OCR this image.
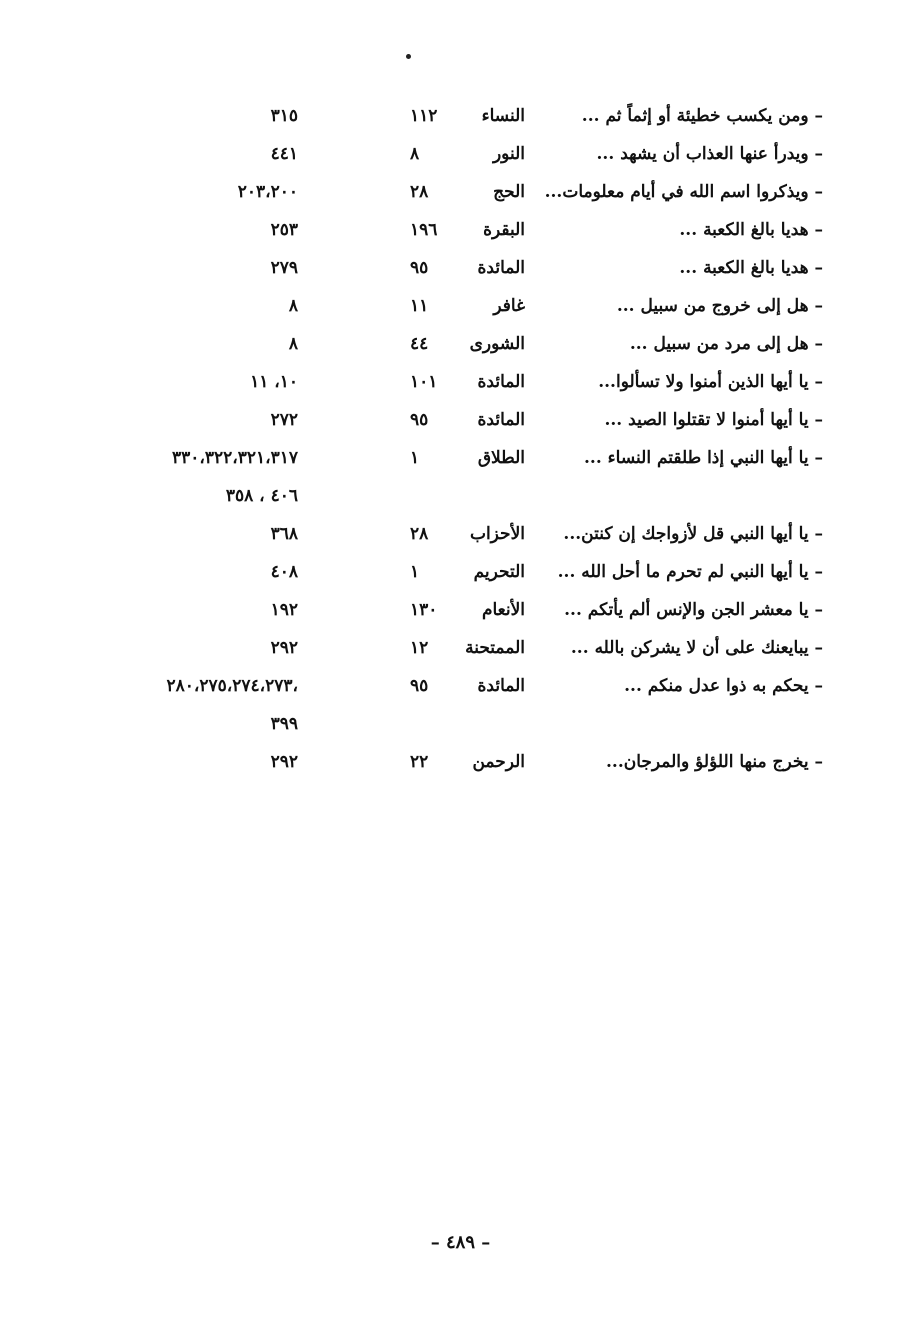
– ومن يكسب خطيئة أو إثماً ثم ...
النساء
١١٢
٣١٥
– ويدرأ عنها العذاب أن يشهد ...
النور
٨
٤٤١
– ويذكروا اسم الله في أيام معلومات...
الحج
٢٨
٢٠٣،٢٠٠
– هديا بالغ الكعبة ...
البقرة
١٩٦
٢٥٣
– هديا بالغ الكعبة ...
المائدة
٩٥
٢٧٩
– هل إلى خروج من سبيل ...
غافر
١١
٨
– هل إلى مرد من سبيل ...
الشورى
٤٤
٨
– يا أيها الذين أمنوا ولا تسألوا...
المائدة
١٠١
١٠، ١١
– يا أيها أمنوا لا تقتلوا الصيد ...
المائدة
٩٥
٢٧٢
– يا أيها النبي إذا طلقتم النساء ...
الطلاق
١
٣٣٠،٣٢٢،٣٢١،٣١٧
٤٠٦ ، ٣٥٨
– يا أيها النبي قل لأزواجك إن كنتن...
الأحزاب
٢٨
٣٦٨
– يا أيها النبي لم تحرم ما أحل الله ...
التحريم
١
٤٠٨
– يا معشر الجن والإنس ألم يأتكم ...
الأنعام
١٣٠
١٩٢
– يبايعنك على أن لا يشركن بالله ...
الممتحنة
١٢
٢٩٢
– يحكم به ذوا عدل منكم ...
المائدة
٩٥
،٢٨٠،٢٧٥،٢٧٤،٢٧٣
٣٩٩
– يخرج منها اللؤلؤ والمرجان...
الرحمن
٢٢
٢٩٢
– ٤٨٩ –
